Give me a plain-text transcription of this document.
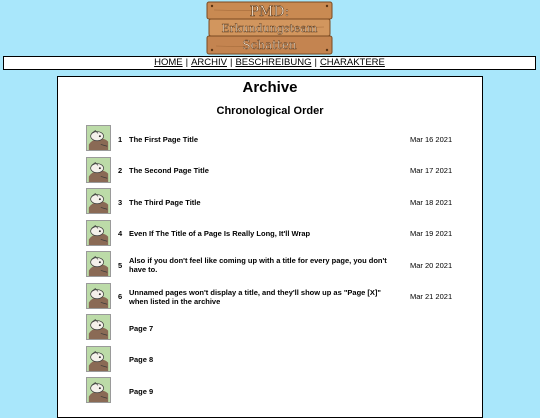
PMD:
Erkundungsteam
Schatten
HOME | ARCHIV | BESCHREIBUNG | CHARAKTERE
Archive
Chronological Order
1 The First Page Title	Mar 16 2021
2 The Second Page Title	Mar 17 2021
3 The Third Page Title	Mar 18 2021
4 Even If The Title of a Page Is Really Long, It'll Wrap	Mar 19 2021
5 Also if you don't feel like coming up with a title for every page, you don't have to.	Mar 20 2021
6 Unnamed pages won't display a title, and they'll show up as "Page [X]" when listed in the archive	Mar 21 2021
Page 7
Page 8
Page 9
